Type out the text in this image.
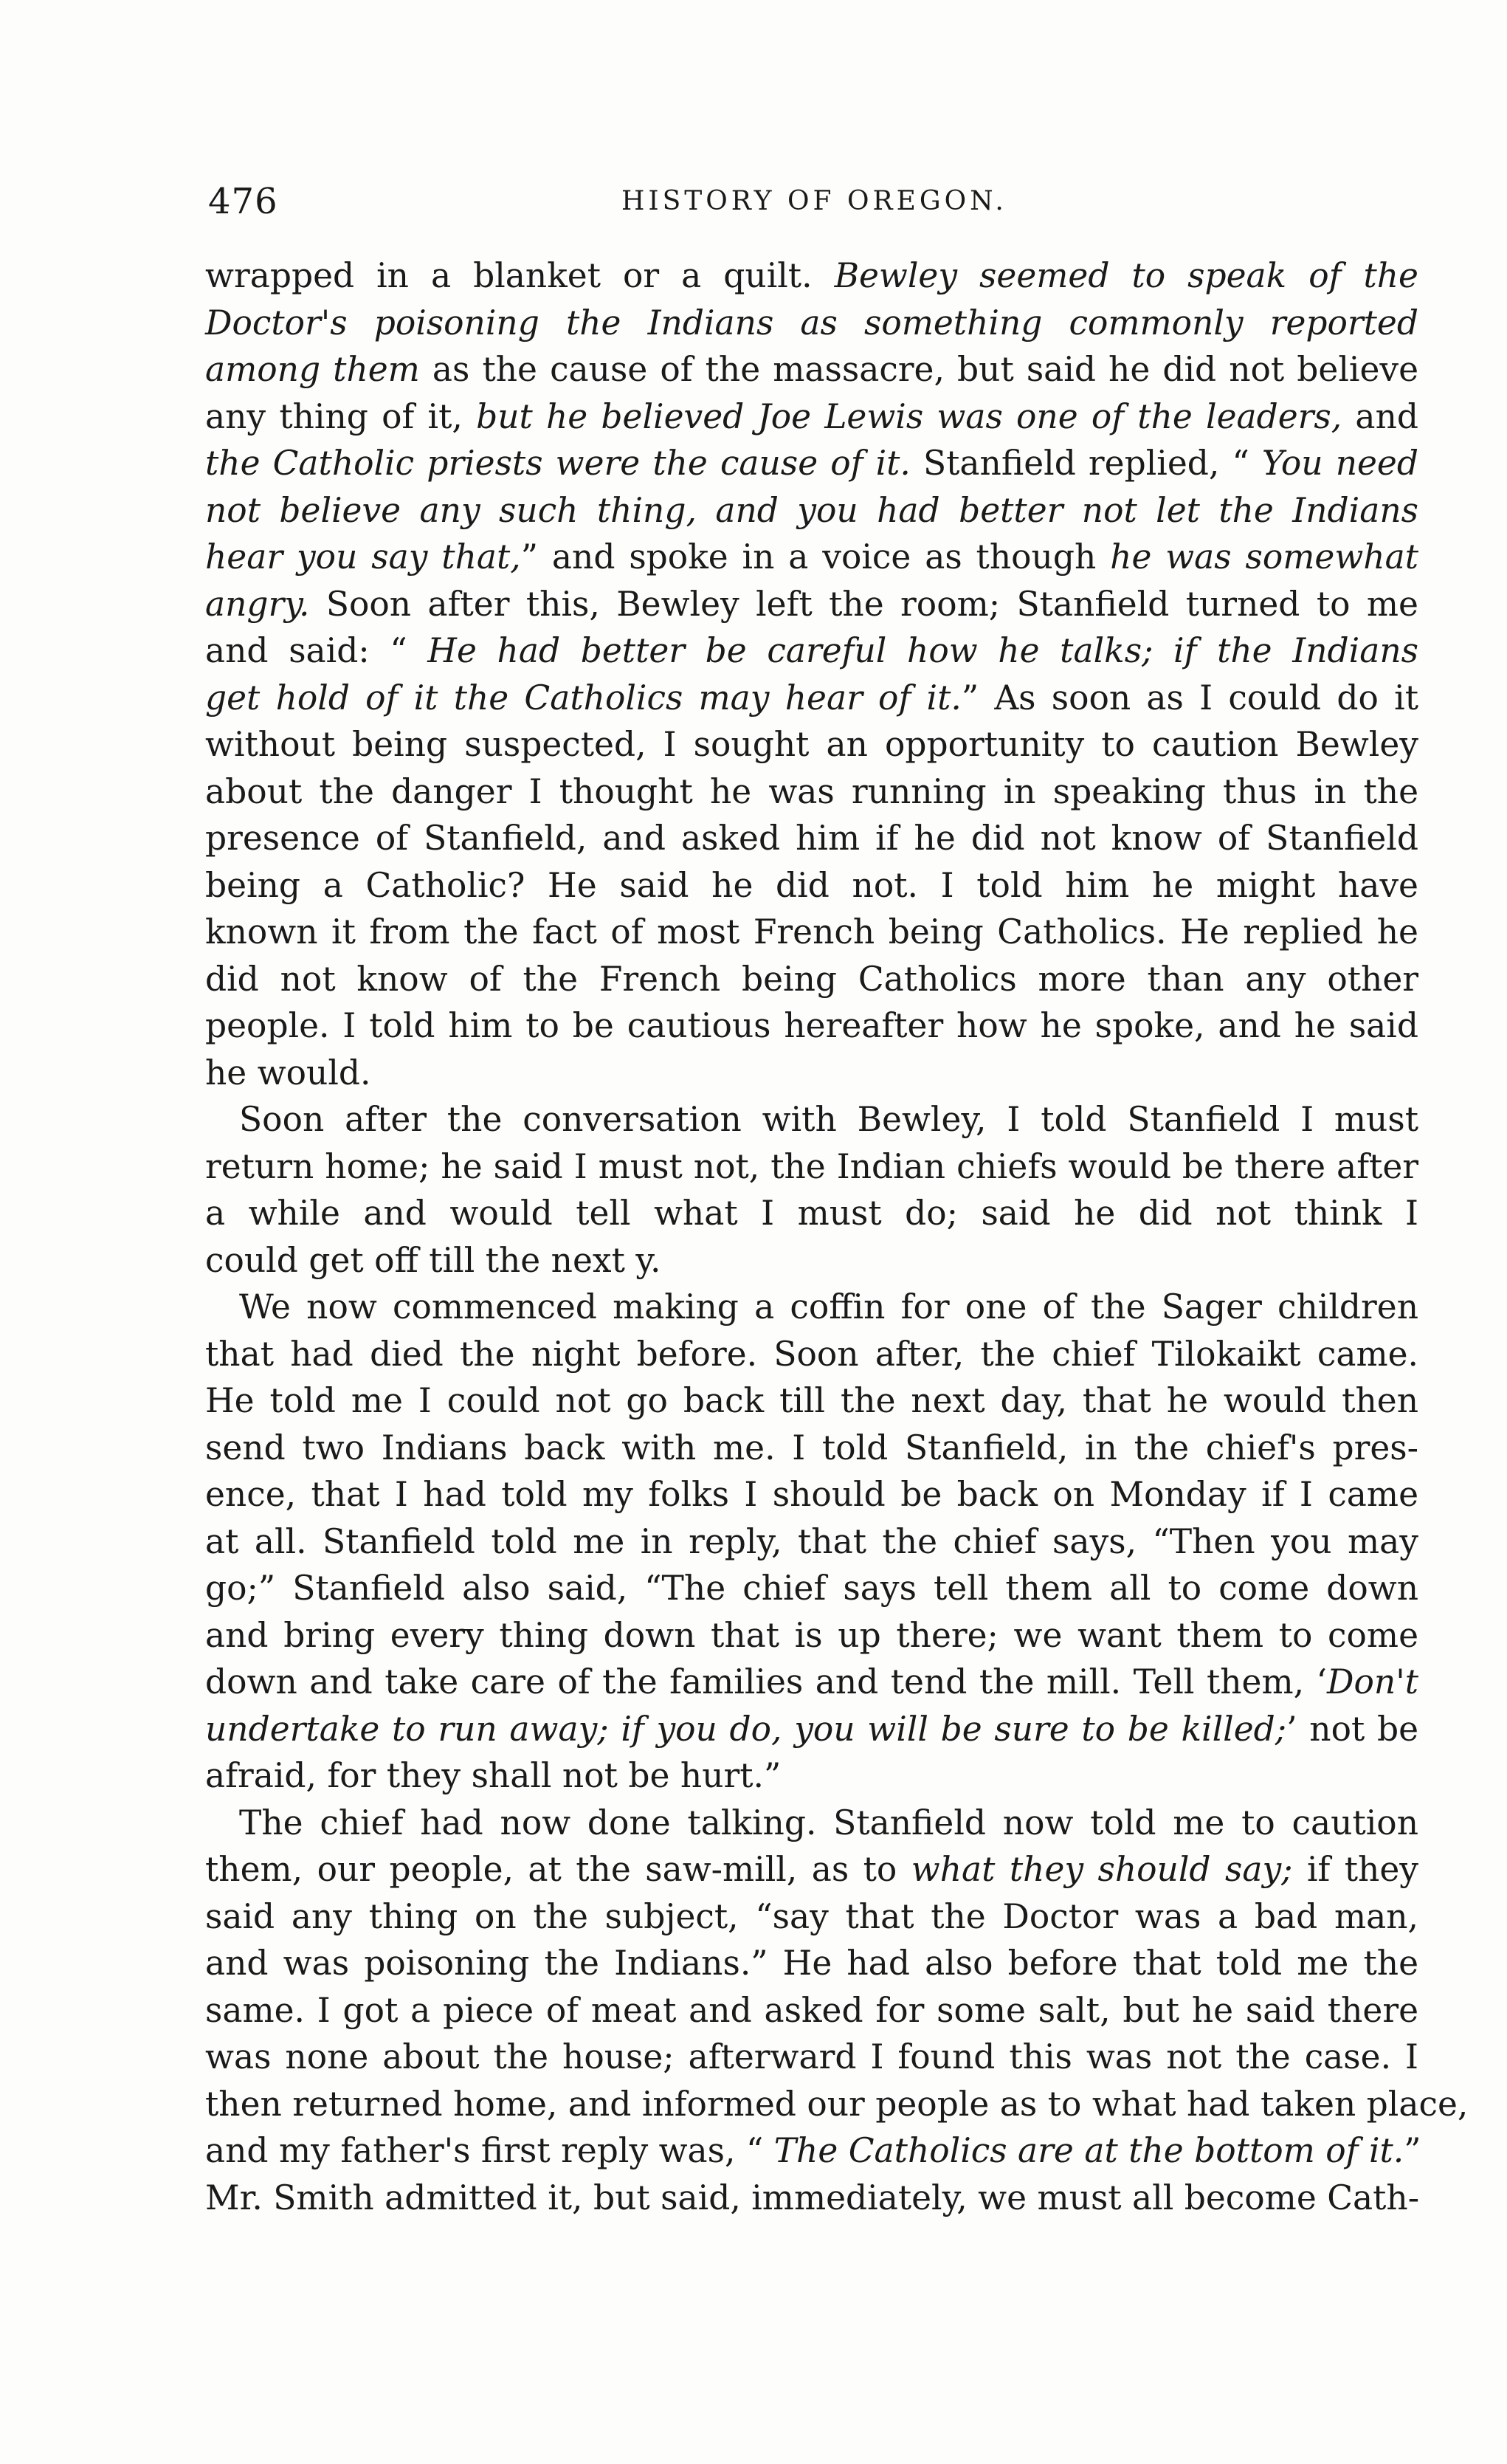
476	HISTORY OF OREGON.
wrapped in a blanket or a quilt. Bewley seemed to speak of the
Doctor's poisoning the Indians as something commonly reported
among them as the cause of the massacre, but said he did not believe
any thing of it, but he believed Joe Lewis was one of the leaders, and
the Catholic priests were the cause of it. Stanfield replied, “ You need
not believe any such thing, and you had better not let the Indians
hear you say that,” and spoke in a voice as though he was somewhat
angry. Soon after this, Bewley left the room; Stanfield turned to me
and said: “ He had better be careful how he talks; if the Indians
get hold of it the Catholics may hear of it.” As soon as I could do it
without being suspected, I sought an opportunity to caution Bewley
about the danger I thought he was running in speaking thus in the
presence of Stanfield, and asked him if he did not know of Stanfield
being a Catholic? He said he did not. I told him he might have
known it from the fact of most French being Catholics. He replied he
did not know of the French being Catholics more than any other
people. I told him to be cautious hereafter how he spoke, and he said
he would.
Soon after the conversation with Bewley, I told Stanfield I must
return home; he said I must not, the Indian chiefs would be there after
a while and would tell what I must do; said he did not think I
could get off till the next y.
We now commenced making a coffin for one of the Sager children
that had died the night before. Soon after, the chief Tilokaikt came.
He told me I could not go back till the next day, that he would then
send two Indians back with me. I told Stanfield, in the chief's pres-
ence, that I had told my folks I should be back on Monday if I came
at all. Stanfield told me in reply, that the chief says, “Then you may
go;” Stanfield also said, “The chief says tell them all to come down
and bring every thing down that is up there; we want them to come
down and take care of the families and tend the mill. Tell them, ‘Don't
undertake to run away; if you do, you will be sure to be killed;’ not be
afraid, for they shall not be hurt.”
The chief had now done talking. Stanfield now told me to caution
them, our people, at the saw-mill, as to what they should say; if they
said any thing on the subject, “say that the Doctor was a bad man,
and was poisoning the Indians.” He had also before that told me the
same. I got a piece of meat and asked for some salt, but he said there
was none about the house; afterward I found this was not the case. I
then returned home, and informed our people as to what had taken place,
and my father's first reply was, “ The Catholics are at the bottom of it.”
Mr. Smith admitted it, but said, immediately, we must all become Cath-
